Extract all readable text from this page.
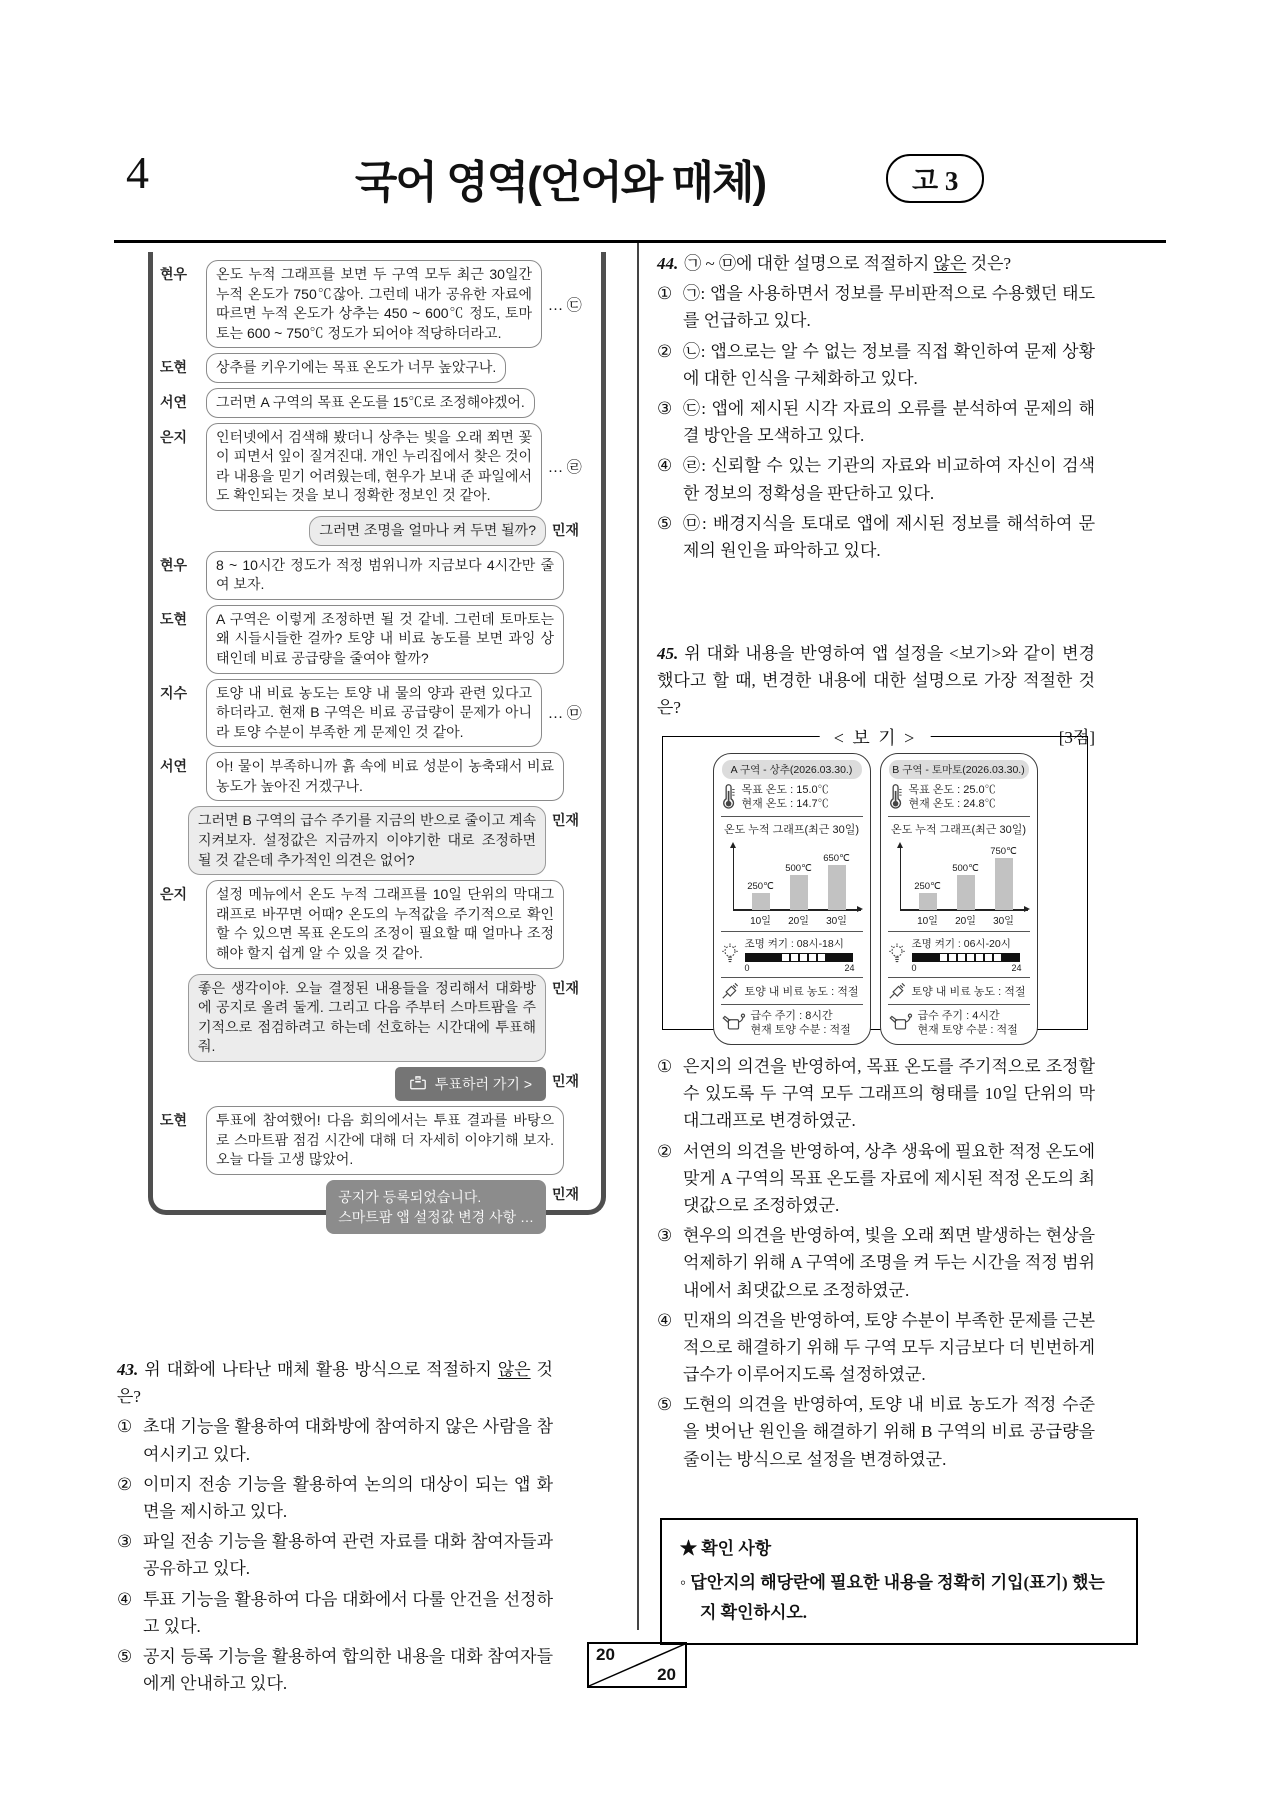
4	국어 영역(언어와 매체)	고 3
현우	온도 누적 그래프를 보면 두 구역 모두 최근 30일간 누적 온도가 750℃잖아. 그런데 내가 공유한 자료에 따르면 누적 온도가 상추는 450 ~ 600℃ 정도, 토마토는 600 ~ 750℃ 정도가 되어야 적당하더라고.
… ㉢
도현	상추를 키우기에는 목표 온도가 너무 높았구나.
서연	그러면 A 구역의 목표 온도를 15℃로 조정해야겠어.
은지	인터넷에서 검색해 봤더니 상추는 빛을 오래 쬐면 꽃이 피면서 잎이 질겨진대. 개인 누리집에서 찾은 것이라 내용을 믿기 어려웠는데, 현우가 보내 준 파일에서도 확인되는 것을 보니 정확한 정보인 것 같아.
… ㉣
그러면 조명을 얼마나 켜 두면 될까?	민재
현우	8 ~ 10시간 정도가 적정 범위니까 지금보다 4시간만 줄여 보자.
도현	A 구역은 이렇게 조정하면 될 것 같네. 그런데 토마토는 왜 시들시들한 걸까? 토양 내 비료 농도를 보면 과잉 상태인데 비료 공급량을 줄여야 할까?
지수	토양 내 비료 농도는 토양 내 물의 양과 관련 있다고 하더라고. 현재 B 구역은 비료 공급량이 문제가 아니라 토양 수분이 부족한 게 문제인 것 같아.
… ㉤
서연	아! 물이 부족하니까 흙 속에 비료 성분이 농축돼서 비료 농도가 높아진 거겠구나.
그러면 B 구역의 급수 주기를 지금의 반으로 줄이고 계속 지켜보자. 설정값은 지금까지 이야기한 대로 조정하면 될 것 같은데 추가적인 의견은 없어?
민재
은지	설정 메뉴에서 온도 누적 그래프를 10일 단위의 막대그래프로 바꾸면 어때? 온도의 누적값을 주기적으로 확인할 수 있으면 목표 온도의 조정이 필요할 때 얼마나 조정해야 할지 쉽게 알 수 있을 것 같아.
좋은 생각이야. 오늘 결정된 내용들을 정리해서 대화방에 공지로 올려 둘게. 그리고 다음 주부터 스마트팜을 주기적으로 점검하려고 하는데 선호하는 시간대에 투표해 줘.
민재
투표하러 가기 > 민재
도현	투표에 참여했어! 다음 회의에서는 투표 결과를 바탕으로 스마트팜 점검 시간에 대해 더 자세히 이야기해 보자. 오늘 다들 고생 많았어.
공지가 등록되었습니다.
스마트팜 앱 설정값 변경 사항 …
민재
43. 위 대화에 나타난 매체 활용 방식으로 적절하지 않은 것은?
① 초대 기능을 활용하여 대화방에 참여하지 않은 사람을 참여시키고 있다.
② 이미지 전송 기능을 활용하여 논의의 대상이 되는 앱 화면을 제시하고 있다.
③ 파일 전송 기능을 활용하여 관련 자료를 대화 참여자들과 공유하고 있다.
④ 투표 기능을 활용하여 다음 대화에서 다룰 안건을 선정하고 있다.
⑤ 공지 등록 기능을 활용하여 합의한 내용을 대화 참여자들에게 안내하고 있다.
44. ㉠ ~ ㉤에 대한 설명으로 적절하지 않은 것은?
① ㉠: 앱을 사용하면서 정보를 무비판적으로 수용했던 태도를 언급하고 있다.
② ㉡: 앱으로는 알 수 없는 정보를 직접 확인하여 문제 상황에 대한 인식을 구체화하고 있다.
③ ㉢: 앱에 제시된 시각 자료의 오류를 분석하여 문제의 해결 방안을 모색하고 있다.
④ ㉣: 신뢰할 수 있는 기관의 자료와 비교하여 자신이 검색한 정보의 정확성을 판단하고 있다.
⑤ ㉤: 배경지식을 토대로 앱에 제시된 정보를 해석하여 문제의 원인을 파악하고 있다.
45. 위 대화 내용을 반영하여 앱 설정을 <보기>와 같이 변경했다고 할 때, 변경한 내용에 대한 설명으로 가장 적절한 것은?
[3점]
< 보 기 >
A 구역 - 상추(2026.03.30.)
목표 온도 : 15.0℃
현재 온도 : 14.7℃
온도 누적 그래프(최근 30일)
250℃
10일
500℃
20일
650℃
30일
조명 켜기 : 08시-18시
0	24
토양 내 비료 농도 : 적절
급수 주기 : 8시간
현재 토양 수분 : 적절
B 구역 - 토마토(2026.03.30.)
목표 온도 : 25.0℃
현재 온도 : 24.8℃
온도 누적 그래프(최근 30일)
250℃
10일
500℃
20일
750℃
30일
조명 켜기 : 06시-20시
0	24
토양 내 비료 농도 : 적절
급수 주기 : 4시간
현재 토양 수분 : 적절
① 은지의 의견을 반영하여, 목표 온도를 주기적으로 조정할 수 있도록 두 구역 모두 그래프의 형태를 10일 단위의 막대그래프로 변경하였군.
② 서연의 의견을 반영하여, 상추 생육에 필요한 적정 온도에 맞게 A 구역의 목표 온도를 자료에 제시된 적정 온도의 최댓값으로 조정하였군.
③ 현우의 의견을 반영하여, 빛을 오래 쬐면 발생하는 현상을 억제하기 위해 A 구역에 조명을 켜 두는 시간을 적정 범위 내에서 최댓값으로 조정하였군.
④ 민재의 의견을 반영하여, 토양 수분이 부족한 문제를 근본적으로 해결하기 위해 두 구역 모두 지금보다 더 빈번하게 급수가 이루어지도록 설정하였군.
⑤ 도현의 의견을 반영하여, 토양 내 비료 농도가 적정 수준을 벗어난 원인을 해결하기 위해 B 구역의 비료 공급량을 줄이는 방식으로 설정을 변경하였군.
★ 확인 사항
◦ 답안지의 해당란에 필요한 내용을 정확히 기입(표기) 했는지 확인하시오.
20
20
